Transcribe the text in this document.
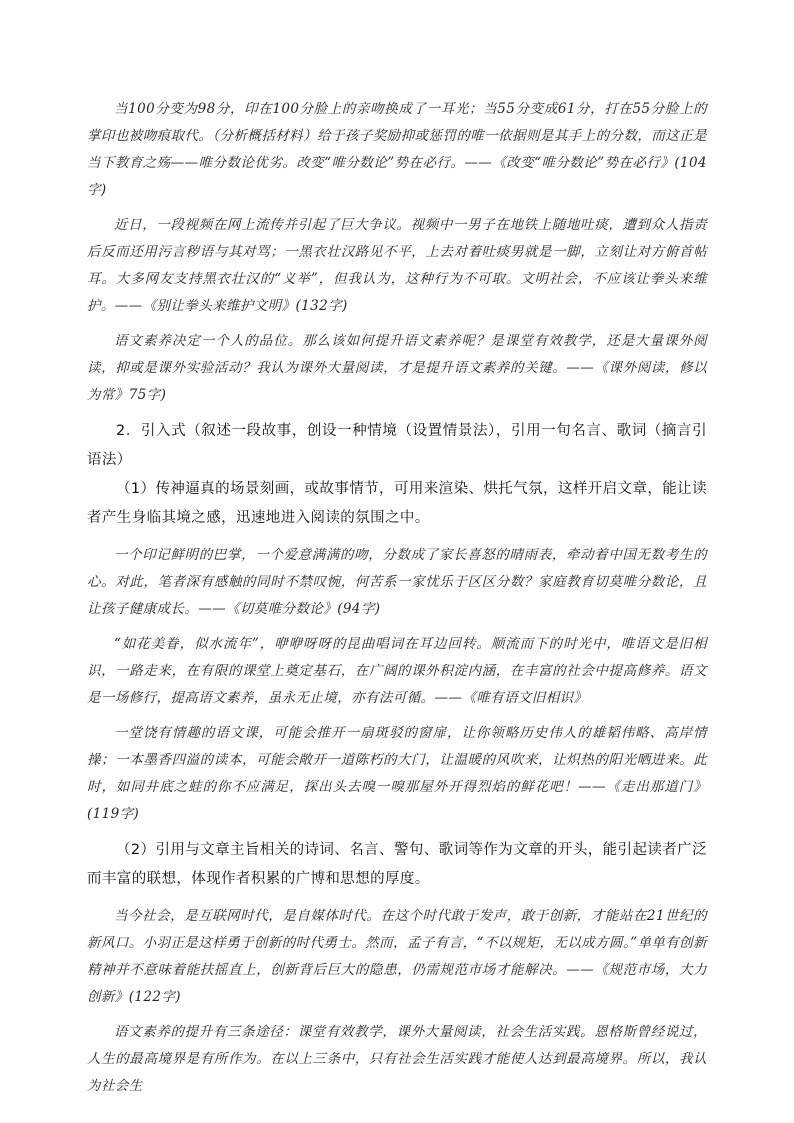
当100分变为98分，印在100分脸上的亲吻换成了一耳光；当55分变成61分，打在55分脸上的掌印也被吻痕取代。（分析概括材料）给于孩子奖励抑或惩罚的唯一依据则是其手上的分数，而这正是当下教育之殇——唯分数论优劣。改变“唯分数论”势在必行。——《改变“唯分数论”势在必行》(104字)

近日，一段视频在网上流传并引起了巨大争议。视频中一男子在地铁上随地吐痰，遭到众人指责后反而还用污言秽语与其对骂；一黑衣壮汉路见不平，上去对着吐痰男就是一脚，立刻让对方俯首帖耳。大多网友支持黑衣壮汉的“义举”，但我认为，这种行为不可取。文明社会，不应该让拳头来维护。——《别让拳头来维护文明》(132字)

语文素养决定一个人的品位。那么该如何提升语文素养呢？是课堂有效教学，还是大量课外阅读，抑或是课外实验活动？我认为课外大量阅读，才是提升语文素养的关键。——《课外阅读，修以为常》75字)

2．引入式（叙述一段故事，创设一种情境（设置情景法），引用一句名言、歌词（摘言引语法）

（1）传神逼真的场景刻画，或故事情节，可用来渲染、烘托气氛，这样开启文章，能让读者产生身临其境之感，迅速地进入阅读的氛围之中。

一个印记鲜明的巴掌，一个爱意满满的吻，分数成了家长喜怒的晴雨表，牵动着中国无数考生的心。对此，笔者深有感触的同时不禁叹惋，何苦系一家忧乐于区区分数？家庭教育切莫唯分数论，且让孩子健康成长。——《切莫唯分数论》(94字)

“如花美眷，似水流年”，咿咿呀呀的昆曲唱词在耳边回转。顺流而下的时光中，唯语文是旧相识，一路走来，在有限的课堂上奠定基石，在广阔的课外积淀内涵，在丰富的社会中提高修养。语文是一场修行，提高语文素养，虽永无止境，亦有法可循。——《唯有语文旧相识》

一堂饶有情趣的语文课，可能会推开一扇斑驳的窗扉，让你领略历史伟人的雄韬伟略、高岸情操；一本墨香四溢的读本，可能会敞开一道陈朽的大门，让温暖的风吹来，让炽热的阳光晒进来。此时，如同井底之蛙的你不应满足，探出头去嗅一嗅那屋外开得烈焰的鲜花吧！——《走出那道门》(119字)

（2）引用与文章主旨相关的诗词、名言、警句、歌词等作为文章的开头，能引起读者广泛而丰富的联想，体现作者积累的广博和思想的厚度。

当今社会，是互联网时代，是自媒体时代。在这个时代敢于发声，敢于创新，才能站在21世纪的新风口。小羽正是这样勇于创新的时代勇士。然而，孟子有言，“不以规矩，无以成方圆。”单单有创新精神并不意味着能扶摇直上，创新背后巨大的隐患，仍需规范市场才能解决。——《规范市场，大力创新》(122字)

语文素养的提升有三条途径：课堂有效教学，课外大量阅读，社会生活实践。恩格斯曾经说过，人生的最高境界是有所作为。在以上三条中，只有社会生活实践才能使人达到最高境界。所以，我认为社会生
